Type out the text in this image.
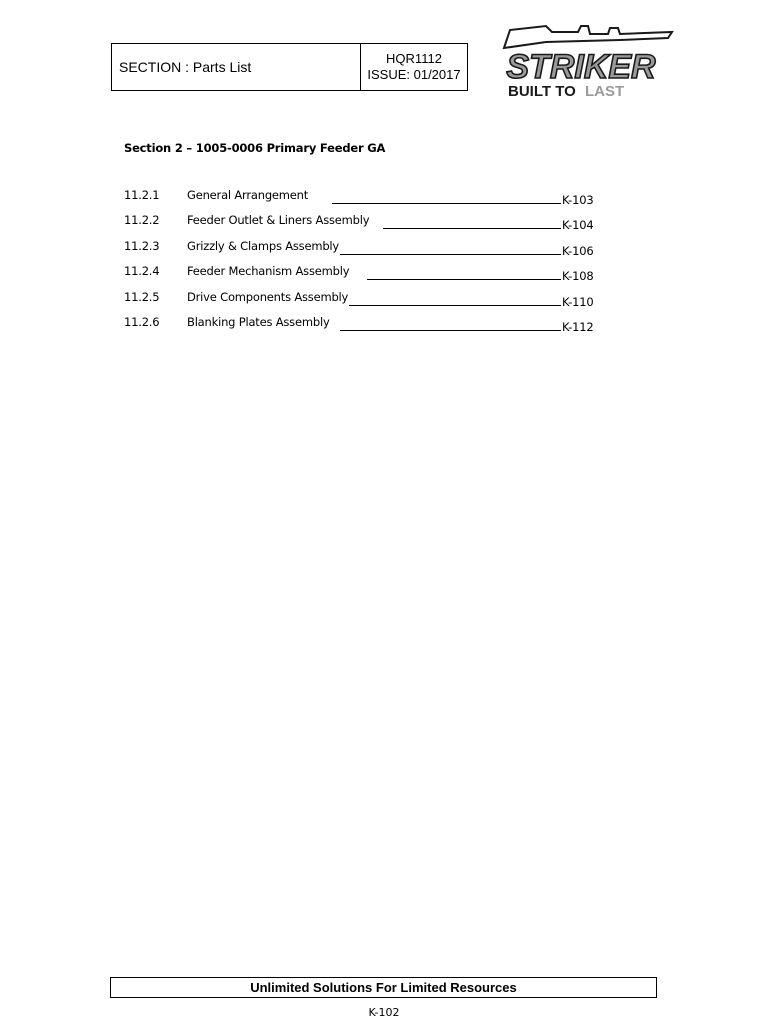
SECTION : Parts List
HQR1112
ISSUE: 01/2017 STRIKER
BUILT TO LAST
Section 2 – 1005-0006 Primary Feeder GA
11.2.1 General Arrangement	K-103
11.2.2 Feeder Outlet & Liners Assembly	K-104
11.2.3 Grizzly & Clamps Assembly	K-106
11.2.4 Feeder Mechanism Assembly	K-108
11.2.5 Drive Components Assembly	K-110
11.2.6 Blanking Plates Assembly	K-112
Unlimited Solutions For Limited Resources
K-102
